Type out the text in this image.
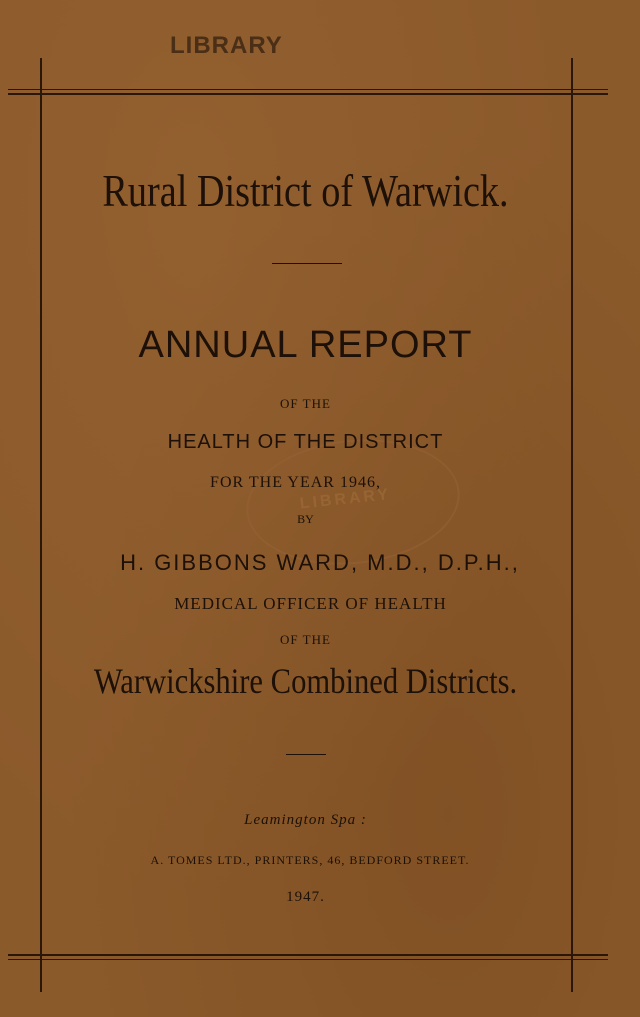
LIBRARY
LIBRARY
Rural District of Warwick.
ANNUAL REPORT
OF THE
HEALTH OF THE DISTRICT
FOR THE YEAR 1946,
BY
H. GIBBONS WARD, M.D., D.P.H.,
MEDICAL OFFICER OF HEALTH
OF THE
Warwickshire Combined Districts.
Leamington Spa :
A. TOMES LTD., PRINTERS, 46, BEDFORD STREET.
1947.
